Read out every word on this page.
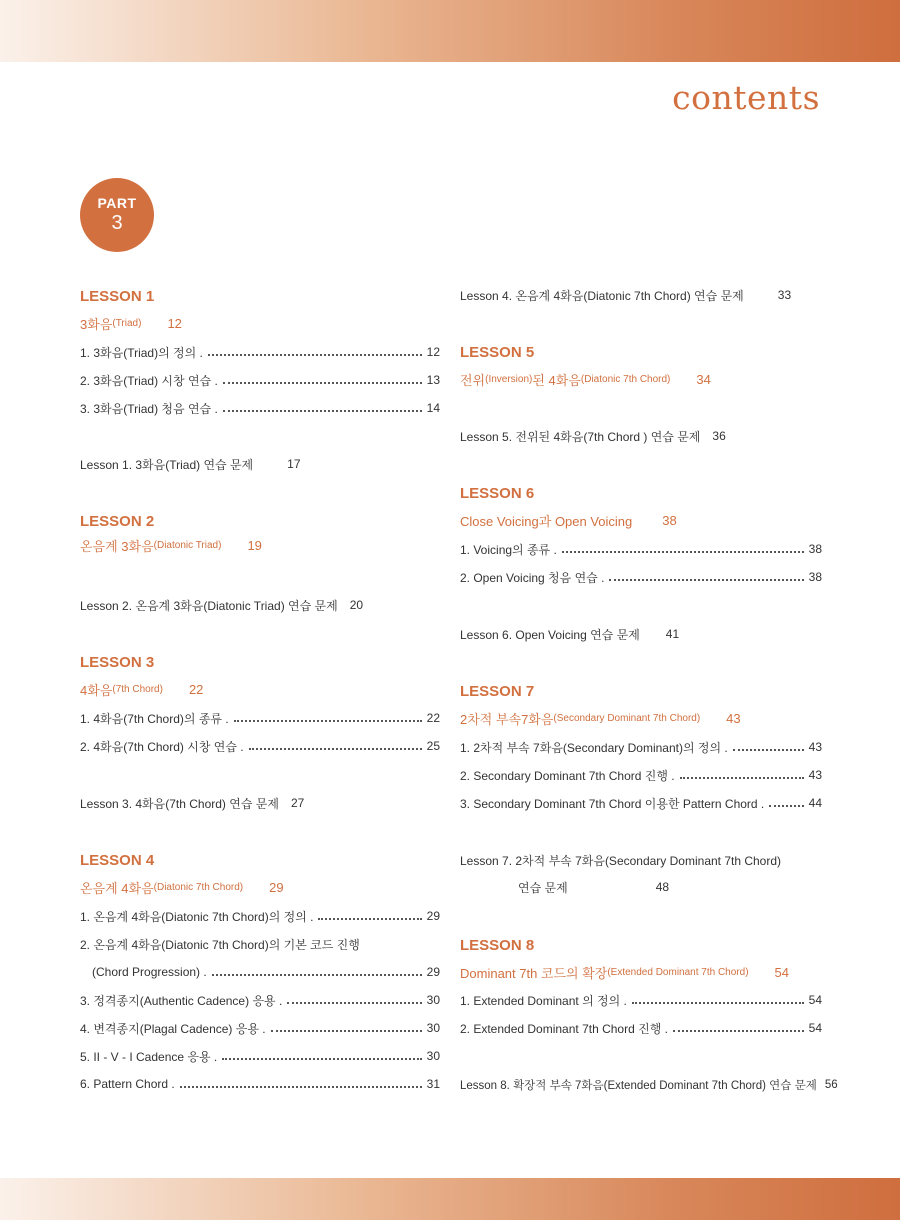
contents
PART
3
LESSON 1
3화음 (Triad) 12
1. 3화음(Triad)의 정의 .	12
2. 3화음(Triad) 시창 연습 .	13
3. 3화음(Triad) 청음 연습 .	14
Lesson 1. 3화음(Triad) 연습 문제	17
LESSON 2
온음계 3화음 (Diatonic Triad) 19
Lesson 2. 온음계 3화음(Diatonic Triad) 연습 문제 20
LESSON 3
4화음 (7th Chord) 22
1. 4화음(7th Chord)의 종류 .	22
2. 4화음(7th Chord) 시창 연습 .	25
Lesson 3. 4화음(7th Chord) 연습 문제 27
LESSON 4
온음계 4화음 (Diatonic 7th Chord) 29
1. 온음계 4화음(Diatonic 7th Chord)의 정의 .	29
2. 온음계 4화음(Diatonic 7th Chord)의 기본 코드 진행
(Chord Progression) .	29
3. 정격종지(Authentic Cadence) 응용 .	30
4. 변격종지(Plagal Cadence) 응용 .	30
5. II - V - I Cadence 응용 .	30
6. Pattern Chord .	31
Lesson 4. 온음계 4화음(Diatonic 7th Chord) 연습 문제	33
LESSON 5
전위 (Inversion) 된 4화음 (Diatonic 7th Chord) 34
Lesson 5. 전위된 4화음(7th Chord ) 연습 문제 36
LESSON 6
Close Voicing과 Open Voicing 38
1. Voicing의 종류 .	38
2. Open Voicing 청음 연습 .	38
Lesson 6. Open Voicing 연습 문제 41
LESSON 7
2차적 부속7화음 (Secondary Dominant 7th Chord) 43
1. 2차적 부속 7화음(Secondary Dominant)의 정의 .	43
2. Secondary Dominant 7th Chord 진행 .	43
3. Secondary Dominant 7th Chord 이용한 Pattern Chord .	44
Lesson 7. 2차적 부속 7화음(Secondary Dominant 7th Chord)
연습 문제	48
LESSON 8
Dominant 7th 코드의 확장 (Extended Dominant 7th Chord) 54
1. Extended Dominant 의 정의 .	54
2. Extended Dominant 7th Chord 진행 .	54
Lesson 8. 확장적 부속 7화음(Extended Dominant 7th Chord) 연습 문제 56
